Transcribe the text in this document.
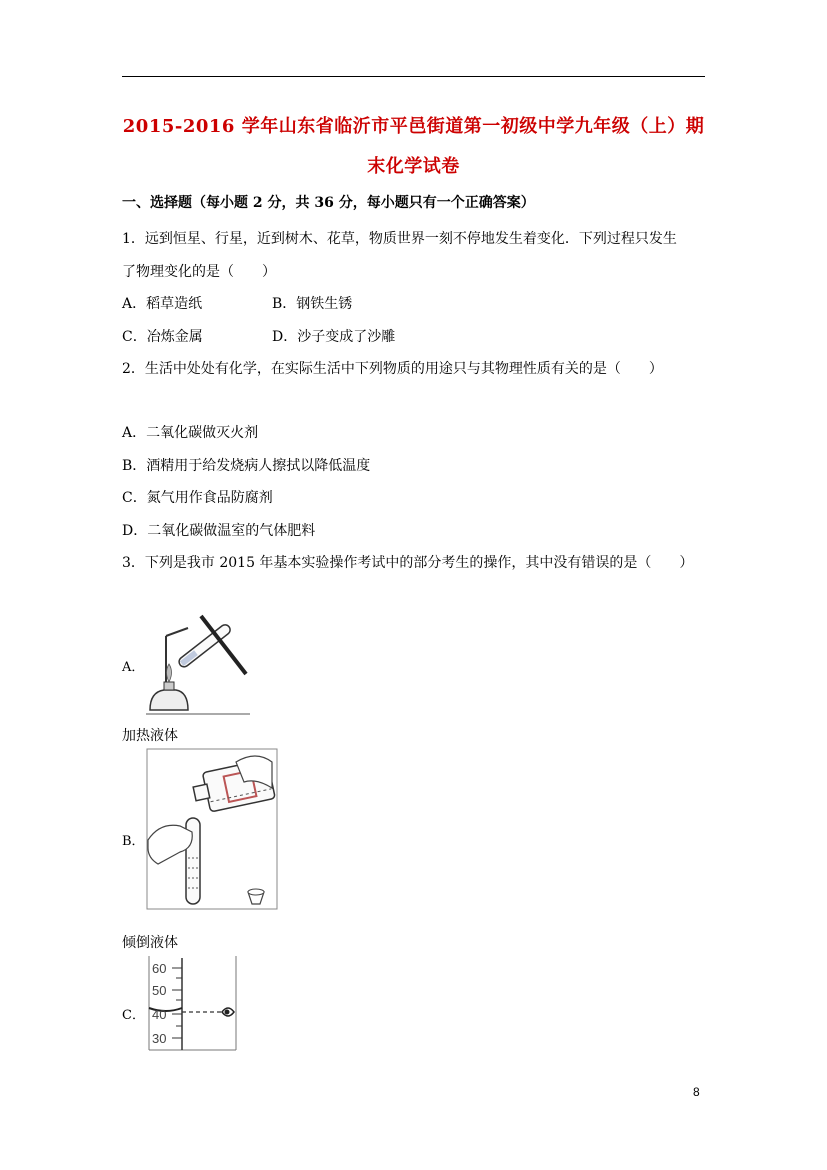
2015-2016 学年山东省临沂市平邑街道第一初级中学九年级（上）期
末化学试卷
一、选择题（每小题 2 分，共 36 分，每小题只有一个正确答案）
1．远到恒星、行星，近到树木、花草，物质世界一刻不停地发生着变化．下列过程只发生
了物理变化的是（　　）
A．稻草造纸	B．钢铁生锈
C．冶炼金属	D．沙子变成了沙雕
2．生活中处处有化学，在实际生活中下列物质的用途只与其物理性质有关的是（　　）
A．二氧化碳做灭火剂
B．酒精用于给发烧病人擦拭以降低温度
C．氮气用作食品防腐剂
D．二氧化碳做温室的气体肥料
3．下列是我市 2015 年基本实验操作考试中的部分考生的操作，其中没有错误的是（　　）
A．
加热液体
B．
倾倒液体
C．
60
50
40
30
8
